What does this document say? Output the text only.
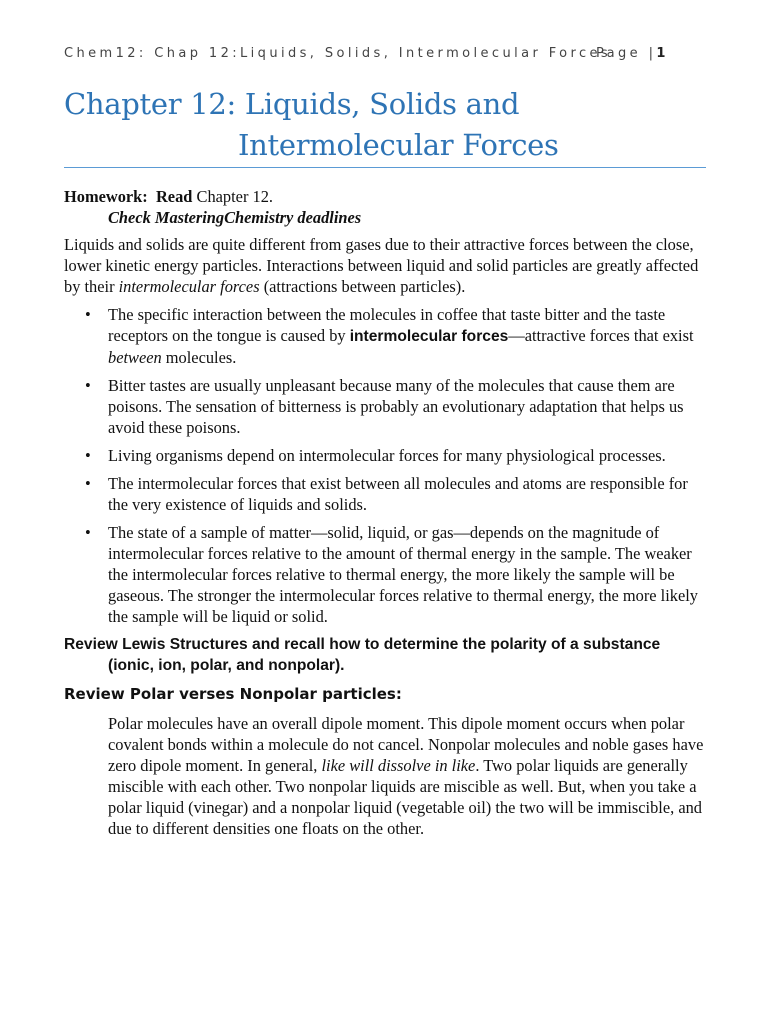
Chem12: Chap 12:Liquids, Solids, Intermolecular Forces
Page |1
Chapter 12: Liquids, Solids and
Intermolecular Forces

Homework: Read Chapter 12.

Check MasteringChemistry deadlines

Liquids and solids are quite different from gases due to their attractive forces between the close, lower kinetic energy particles. Interactions between liquid and solid particles are greatly affected by their intermolecular forces (attractions between particles).

• The specific interaction between the molecules in coffee that taste bitter and the taste receptors on the tongue is caused by intermolecular forces—attractive forces that exist between molecules.
• Bitter tastes are usually unpleasant because many of the molecules that cause them are poisons. The sensation of bitterness is probably an evolutionary adaptation that helps us avoid these poisons.
• Living organisms depend on intermolecular forces for many physiological processes.
• The intermolecular forces that exist between all molecules and atoms are responsible for the very existence of liquids and solids.
• The state of a sample of matter—solid, liquid, or gas—depends on the magnitude of intermolecular forces relative to the amount of thermal energy in the sample. The weaker the intermolecular forces relative to thermal energy, the more likely the sample will be gaseous. The stronger the intermolecular forces relative to thermal energy, the more likely the sample will be liquid or solid.

Review Lewis Structures and recall how to determine the polarity of a substance
(ionic, ion, polar, and nonpolar).

Review Polar verses Nonpolar particles:

Polar molecules have an overall dipole moment. This dipole moment occurs when polar covalent bonds within a molecule do not cancel. Nonpolar molecules and noble gases have zero dipole moment. In general, like will dissolve in like. Two polar liquids are generally miscible with each other. Two nonpolar liquids are miscible as well. But, when you take a polar liquid (vinegar) and a nonpolar liquid (vegetable oil) the two will be immiscible, and due to different densities one floats on the other.
